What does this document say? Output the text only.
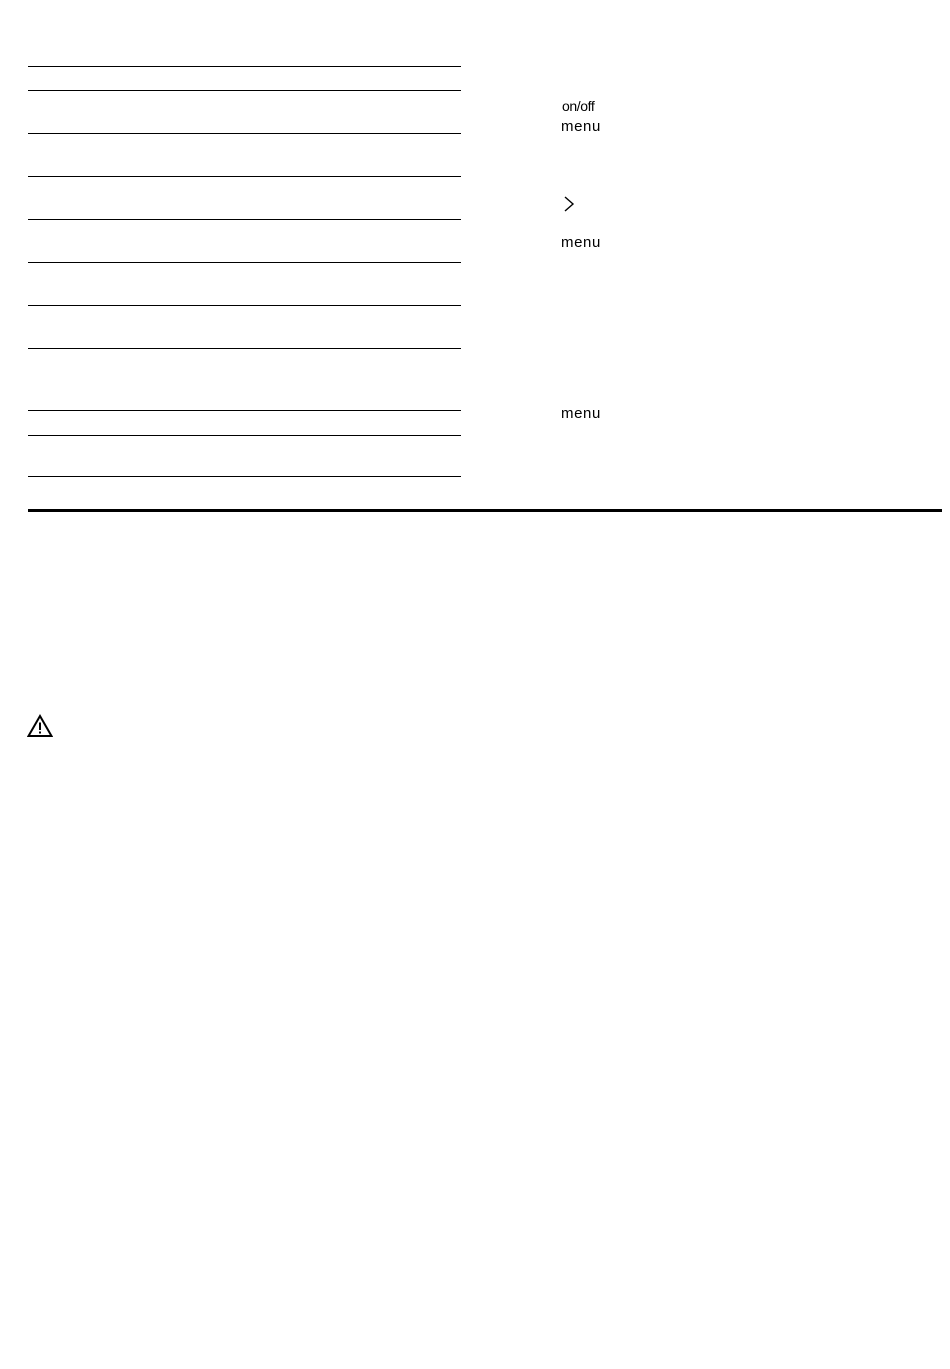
on/off
menu
menu
menu
